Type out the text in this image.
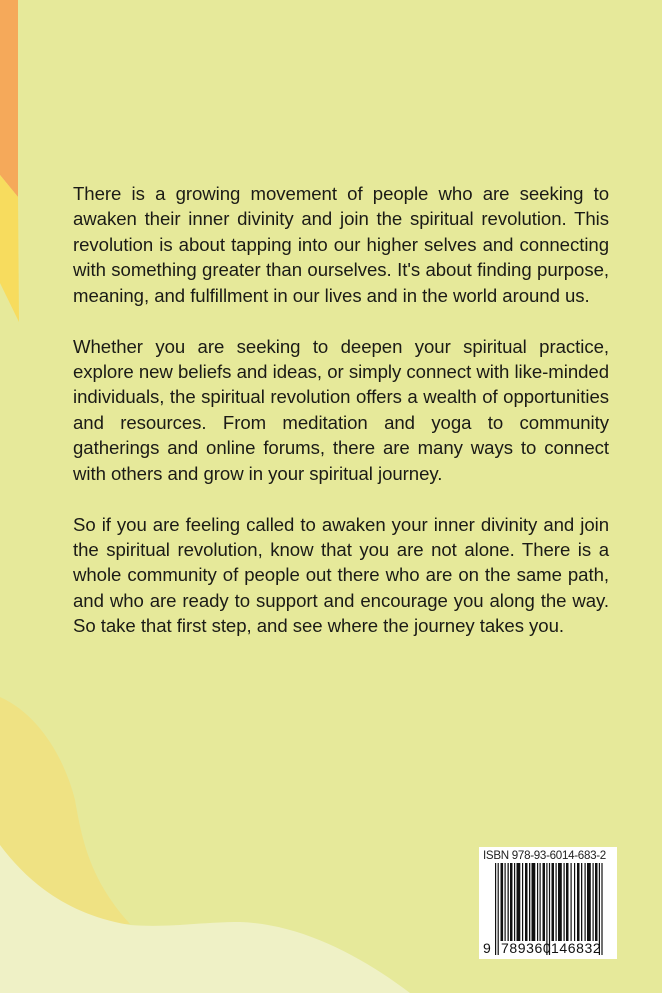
There is a growing movement of people who are seeking to awaken their inner divinity and join the spiritual revolution. This revolution is about tapping into our higher selves and connecting with something greater than ourselves. It's about finding purpose, meaning, and fulfillment in our lives and in the world around us.

Whether you are seeking to deepen your spiritual practice, explore new beliefs and ideas, or simply connect with like-minded individuals, the spiritual revolution offers a wealth of opportunities and resources. From meditation and yoga to community gatherings and online forums, there are many ways to connect with others and grow in your spiritual journey.

So if you are feeling called to awaken your inner divinity and join the spiritual revolution, know that you are not alone. There is a whole community of people out there who are on the same path, and who are ready to support and encourage you along the way. So take that first step, and see where the journey takes you.

ISBN 978-93-6014-683-2
9 789360 146832
